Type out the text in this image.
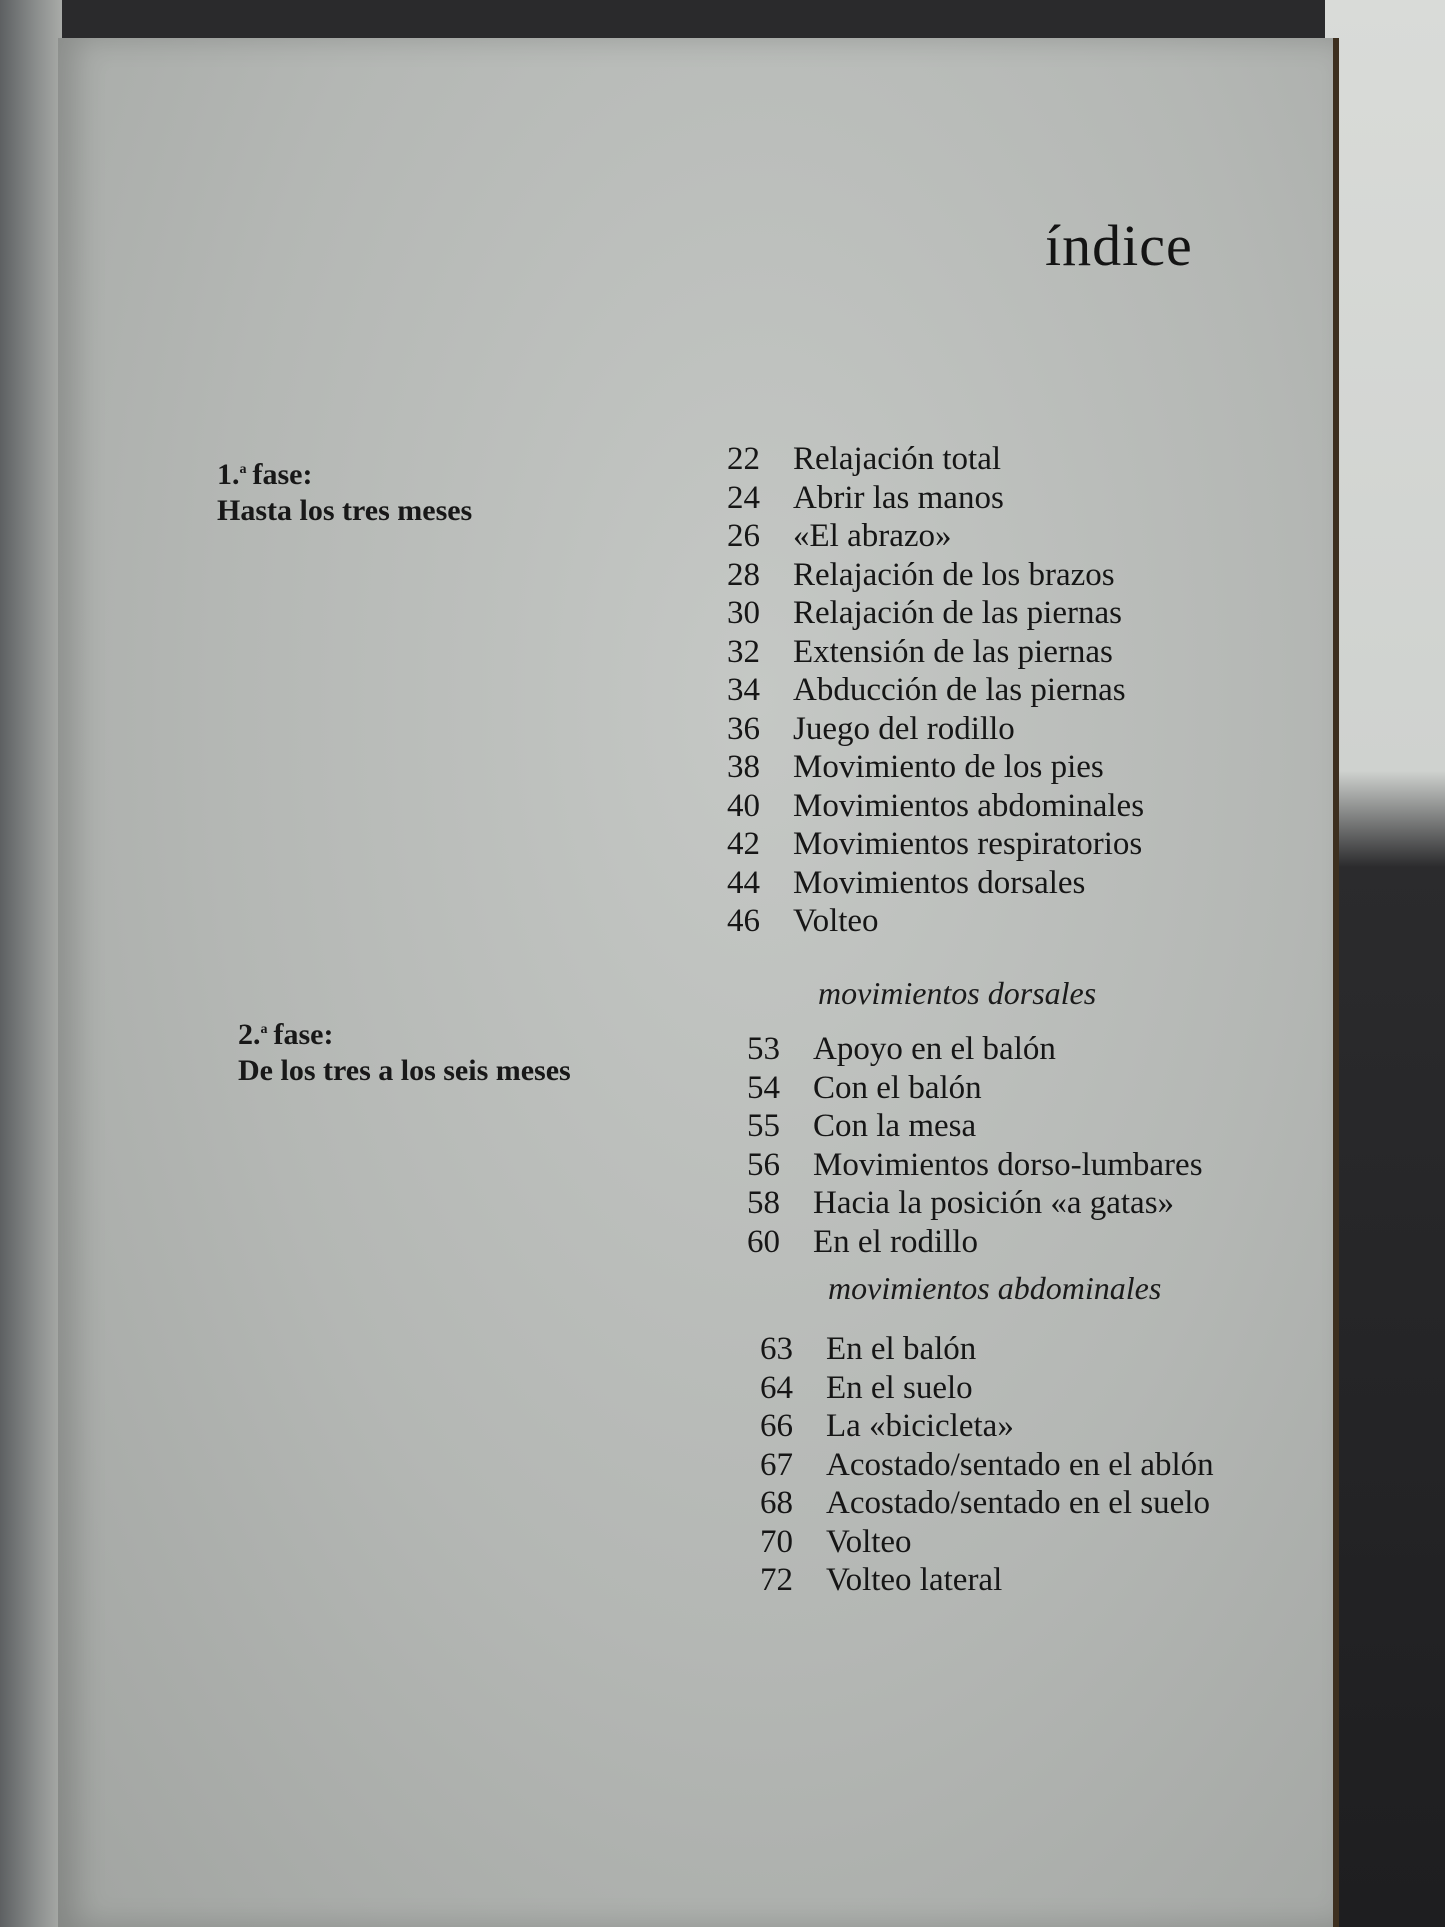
índice
1.$^a$ fase:
Hasta los tres meses
22	Relajación total
24	Abrir las manos
26	«El abrazo»
28	Relajación de los brazos
30	Relajación de las piernas
32	Extensión de las piernas
34	Abducción de las piernas
36	Juego del rodillo
38	Movimiento de los pies
40	Movimientos abdominales
42	Movimientos respiratorios
44	Movimientos dorsales
46	Volteo
2.$^a$ fase:
De los tres a los seis meses
movimientos dorsales
53	Apoyo en el balón
54	Con el balón
55	Con la mesa
56	Movimientos dorso-lumbares
58	Hacia la posición «a gatas»
60	En el rodillo
movimientos abdominales
63	En el balón
64	En el suelo
66	La «bicicleta»
67	Acostado/sentado en el ablón
68	Acostado/sentado en el suelo
70	Volteo
72	Volteo lateral
